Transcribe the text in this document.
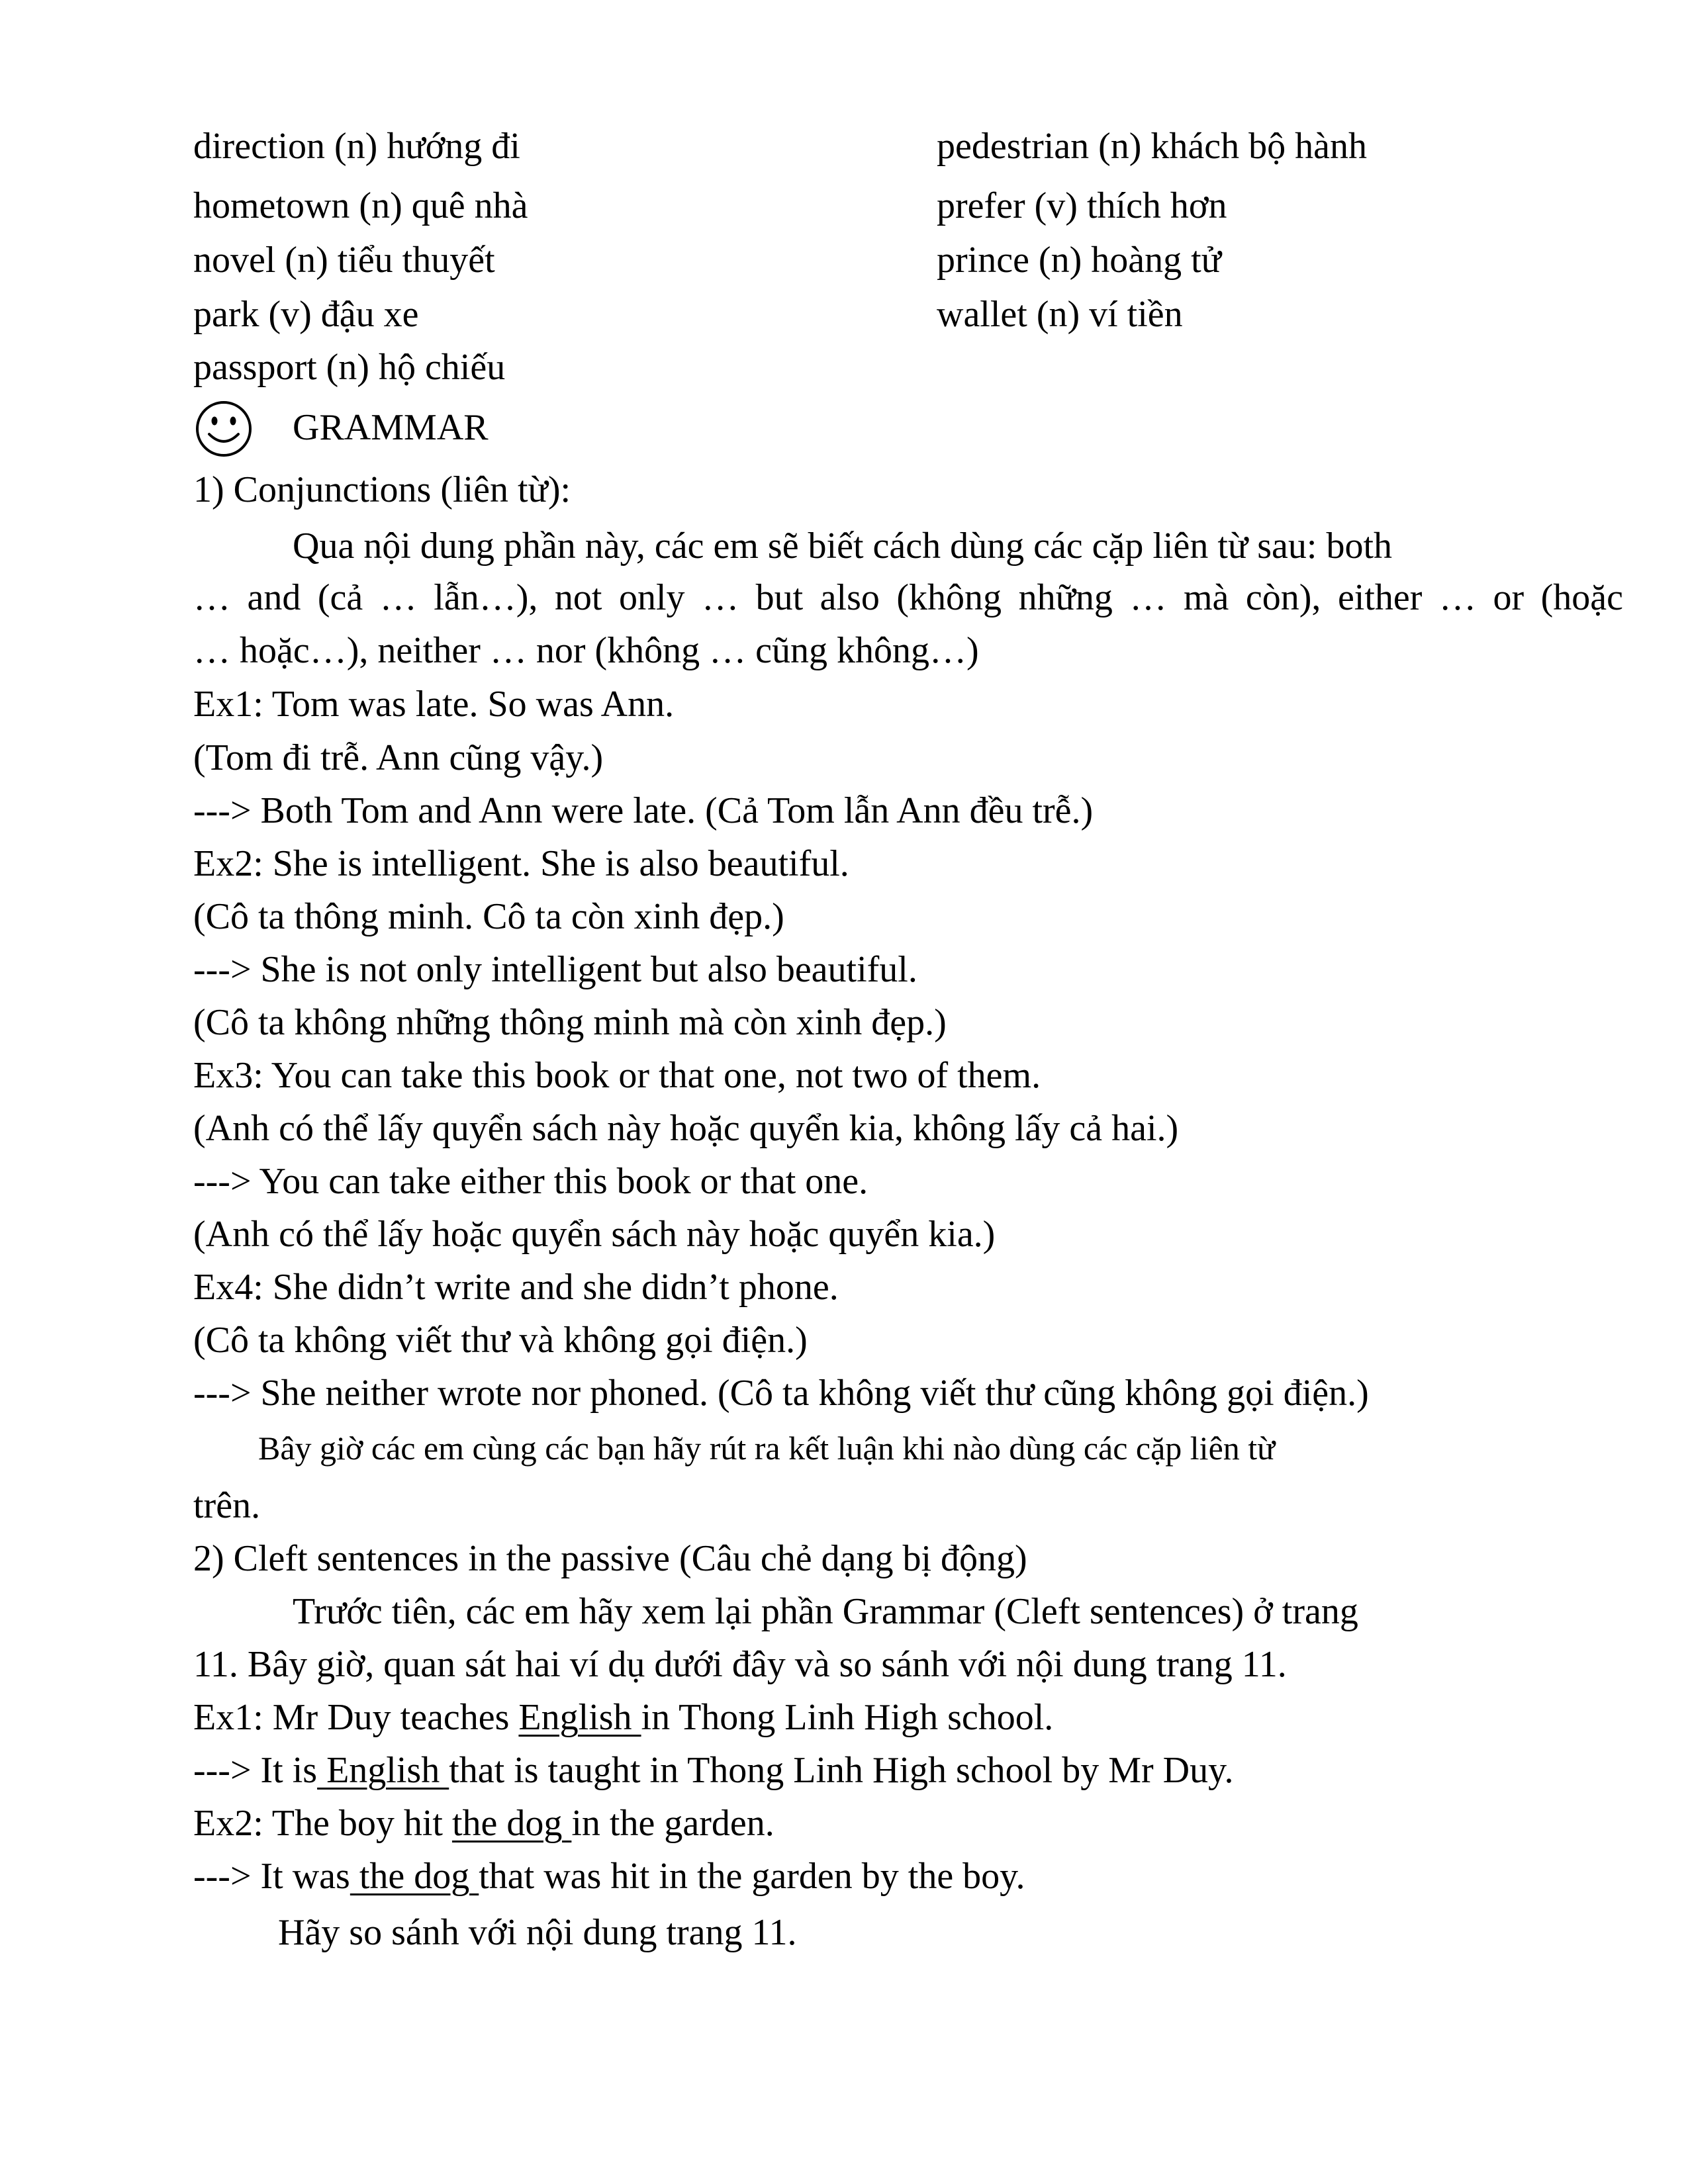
direction (n) hướng đi
hometown (n) quê nhà
novel (n) tiểu thuyết
park (v) đậu xe
passport (n) hộ chiếu
pedestrian (n) khách bộ hành
prefer (v) thích hơn
prince (n) hoàng tử
wallet (n) ví tiền
GRAMMAR
1) Conjunctions (liên từ):
Qua nội dung phần này, các em sẽ biết cách dùng các cặp liên từ sau: both
… and (cả … lẫn…), not only … but also (không những … mà còn), either … or (hoặc
… hoặc…), neither … nor (không … cũng không…)
Ex1: Tom was late. So was Ann.
(Tom đi trễ. Ann cũng vậy.)
---> Both Tom and Ann were late. (Cả Tom lẫn Ann đều trễ.)
Ex2: She is intelligent. She is also beautiful.
(Cô ta thông minh. Cô ta còn xinh đẹp.)
---> She is not only intelligent but also beautiful.
(Cô ta không những thông minh mà còn xinh đẹp.)
Ex3: You can take this book or that one, not two of them.
(Anh có thể lấy quyển sách này hoặc quyển kia, không lấy cả hai.)
---> You can take either this book or that one.
(Anh có thể lấy hoặc quyển sách này hoặc quyển kia.)
Ex4: She didn’t write and she didn’t phone.
(Cô ta không viết thư và không gọi điện.)
---> She neither wrote nor phoned. (Cô ta không viết thư cũng không gọi điện.)
Bây giờ các em cùng các bạn hãy rút ra kết luận khi nào dùng các cặp liên từ
trên.
2) Cleft sentences in the passive (Câu chẻ dạng bị động)
Trước tiên, các em hãy xem lại phần Grammar (Cleft sentences) ở trang
11. Bây giờ, quan sát hai ví dụ dưới đây và so sánh với nội dung trang 11.
Ex1: Mr Duy teaches English in Thong Linh High school.
---> It is English that is taught in Thong Linh High school by Mr Duy.
Ex2: The boy hit the dog in the garden.
---> It was the dog that was hit in the garden by the boy.
Hãy so sánh với nội dung trang 11.
